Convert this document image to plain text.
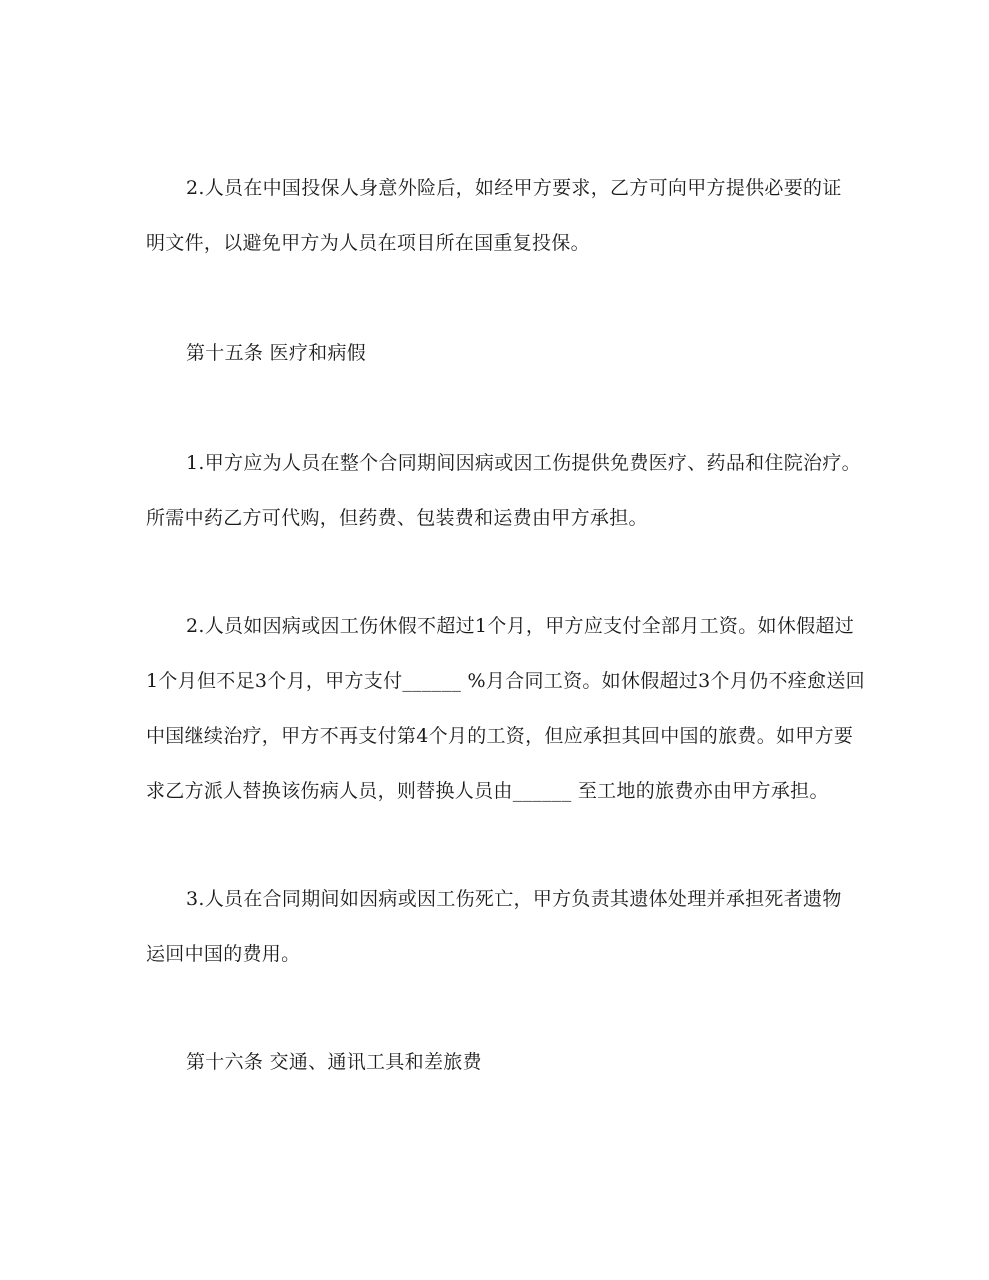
2.人员在中国投保人身意外险后，如经甲方要求，乙方可向甲方提供必要的证
明文件，以避免甲方为人员在项目所在国重复投保。
第十五条 医疗和病假
1.甲方应为人员在整个合同期间因病或因工伤提供免费医疗、药品和住院治疗。
所需中药乙方可代购，但药费、包装费和运费由甲方承担。
2.人员如因病或因工伤休假不超过1个月，甲方应支付全部月工资。如休假超过
1个月但不足3个月，甲方支付______ %月合同工资。如休假超过3个月仍不痊愈送回
中国继续治疗，甲方不再支付第4个月的工资，但应承担其回中国的旅费。如甲方要
求乙方派人替换该伤病人员，则替换人员由______ 至工地的旅费亦由甲方承担。
3.人员在合同期间如因病或因工伤死亡，甲方负责其遗体处理并承担死者遗物
运回中国的费用。
第十六条 交通、通讯工具和差旅费
